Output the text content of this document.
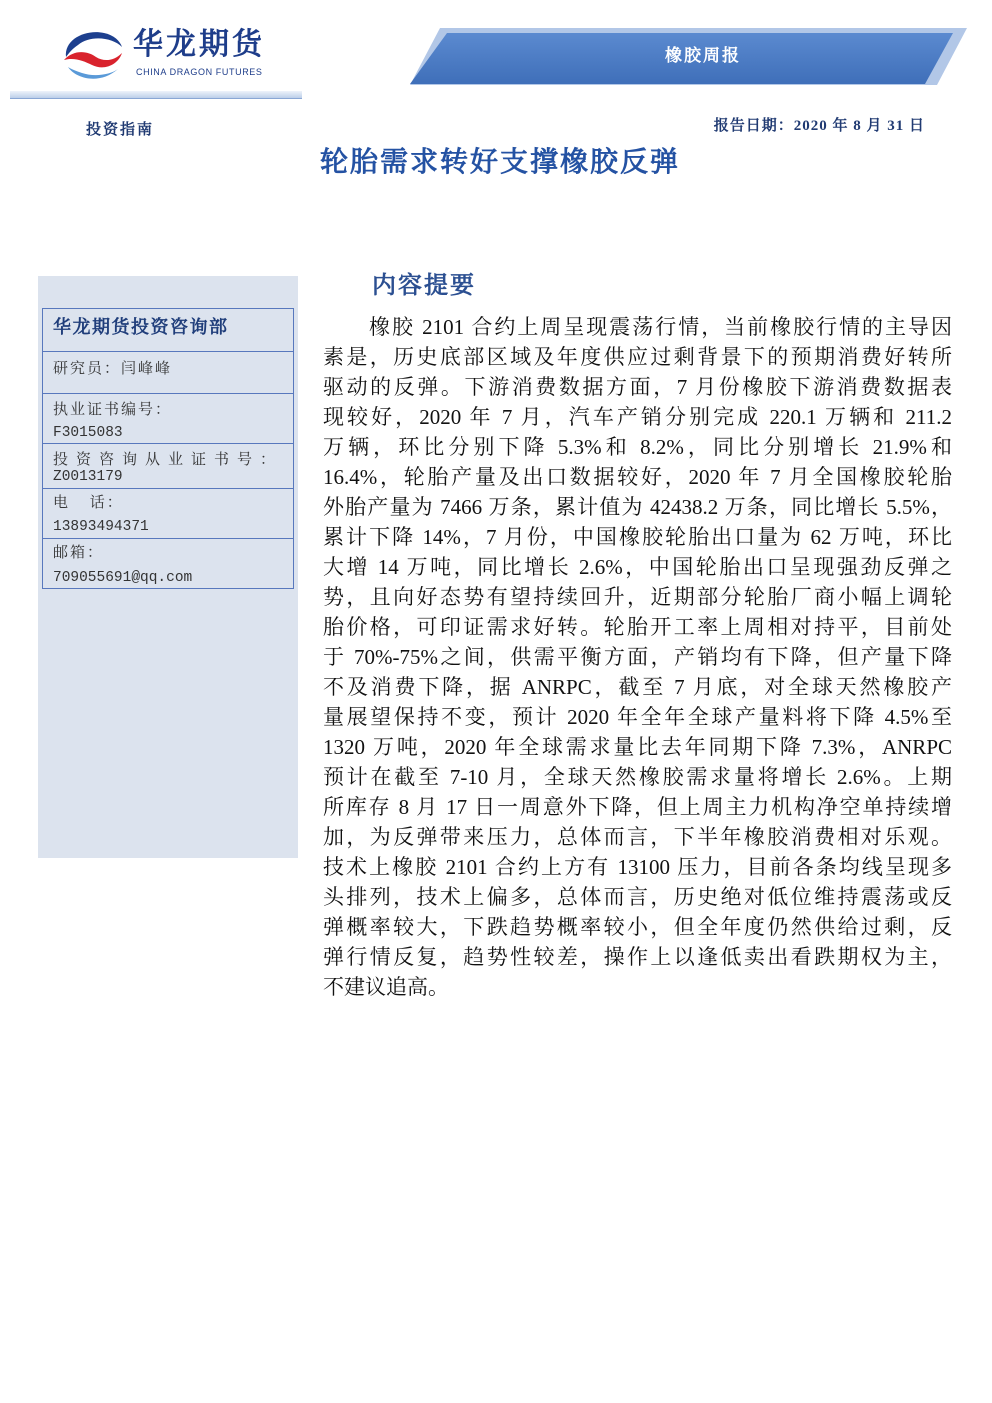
华龙期货
CHINA DRAGON FUTURES
橡胶周报
投资指南	报告日期：2020 年 8 月 31 日
轮胎需求转好支撑橡胶反弹
华龙期货投资咨询部
研究员：闫峰峰
执业证书编号：
F3015083
投资咨询从业证书号：
Z0013179
电 话：
13893494371
邮箱：
709055691@qq.com
内容提要
橡胶 2101 合约上周呈现震荡行情，当前橡胶行情的主导因
素是，历史底部区域及年度供应过剩背景下的预期消费好转所
驱动的反弹。下游消费数据方面，7 月份橡胶下游消费数据表
现较好，2020 年 7 月，汽车产销分别完成 220.1 万辆和 211.2
万辆，环比分别下降 5.3%和 8.2%，同比分别增长 21.9%和
16.4%，轮胎产量及出口数据较好，2020 年 7 月全国橡胶轮胎
外胎产量为 7466 万条，累计值为 42438.2 万条，同比增长 5.5%，
累计下降 14%，7 月份，中国橡胶轮胎出口量为 62 万吨，环比
大增 14 万吨，同比增长 2.6%，中国轮胎出口呈现强劲反弹之
势，且向好态势有望持续回升，近期部分轮胎厂商小幅上调轮
胎价格，可印证需求好转。轮胎开工率上周相对持平，目前处
于 70%-75%之间，供需平衡方面，产销均有下降，但产量下降
不及消费下降，据 ANRPC，截至 7 月底，对全球天然橡胶产
量展望保持不变，预计 2020 年全年全球产量料将下降 4.5%至
1320 万吨，2020 年全球需求量比去年同期下降 7.3%，ANRPC
预计在截至 7-10 月，全球天然橡胶需求量将增长 2.6%。上期
所库存 8 月 17 日一周意外下降，但上周主力机构净空单持续增
加，为反弹带来压力，总体而言，下半年橡胶消费相对乐观。
技术上橡胶 2101 合约上方有 13100 压力，目前各条均线呈现多
头排列，技术上偏多，总体而言，历史绝对低位维持震荡或反
弹概率较大，下跌趋势概率较小，但全年度仍然供给过剩，反
弹行情反复，趋势性较差，操作上以逢低卖出看跌期权为主，
不建议追高。
